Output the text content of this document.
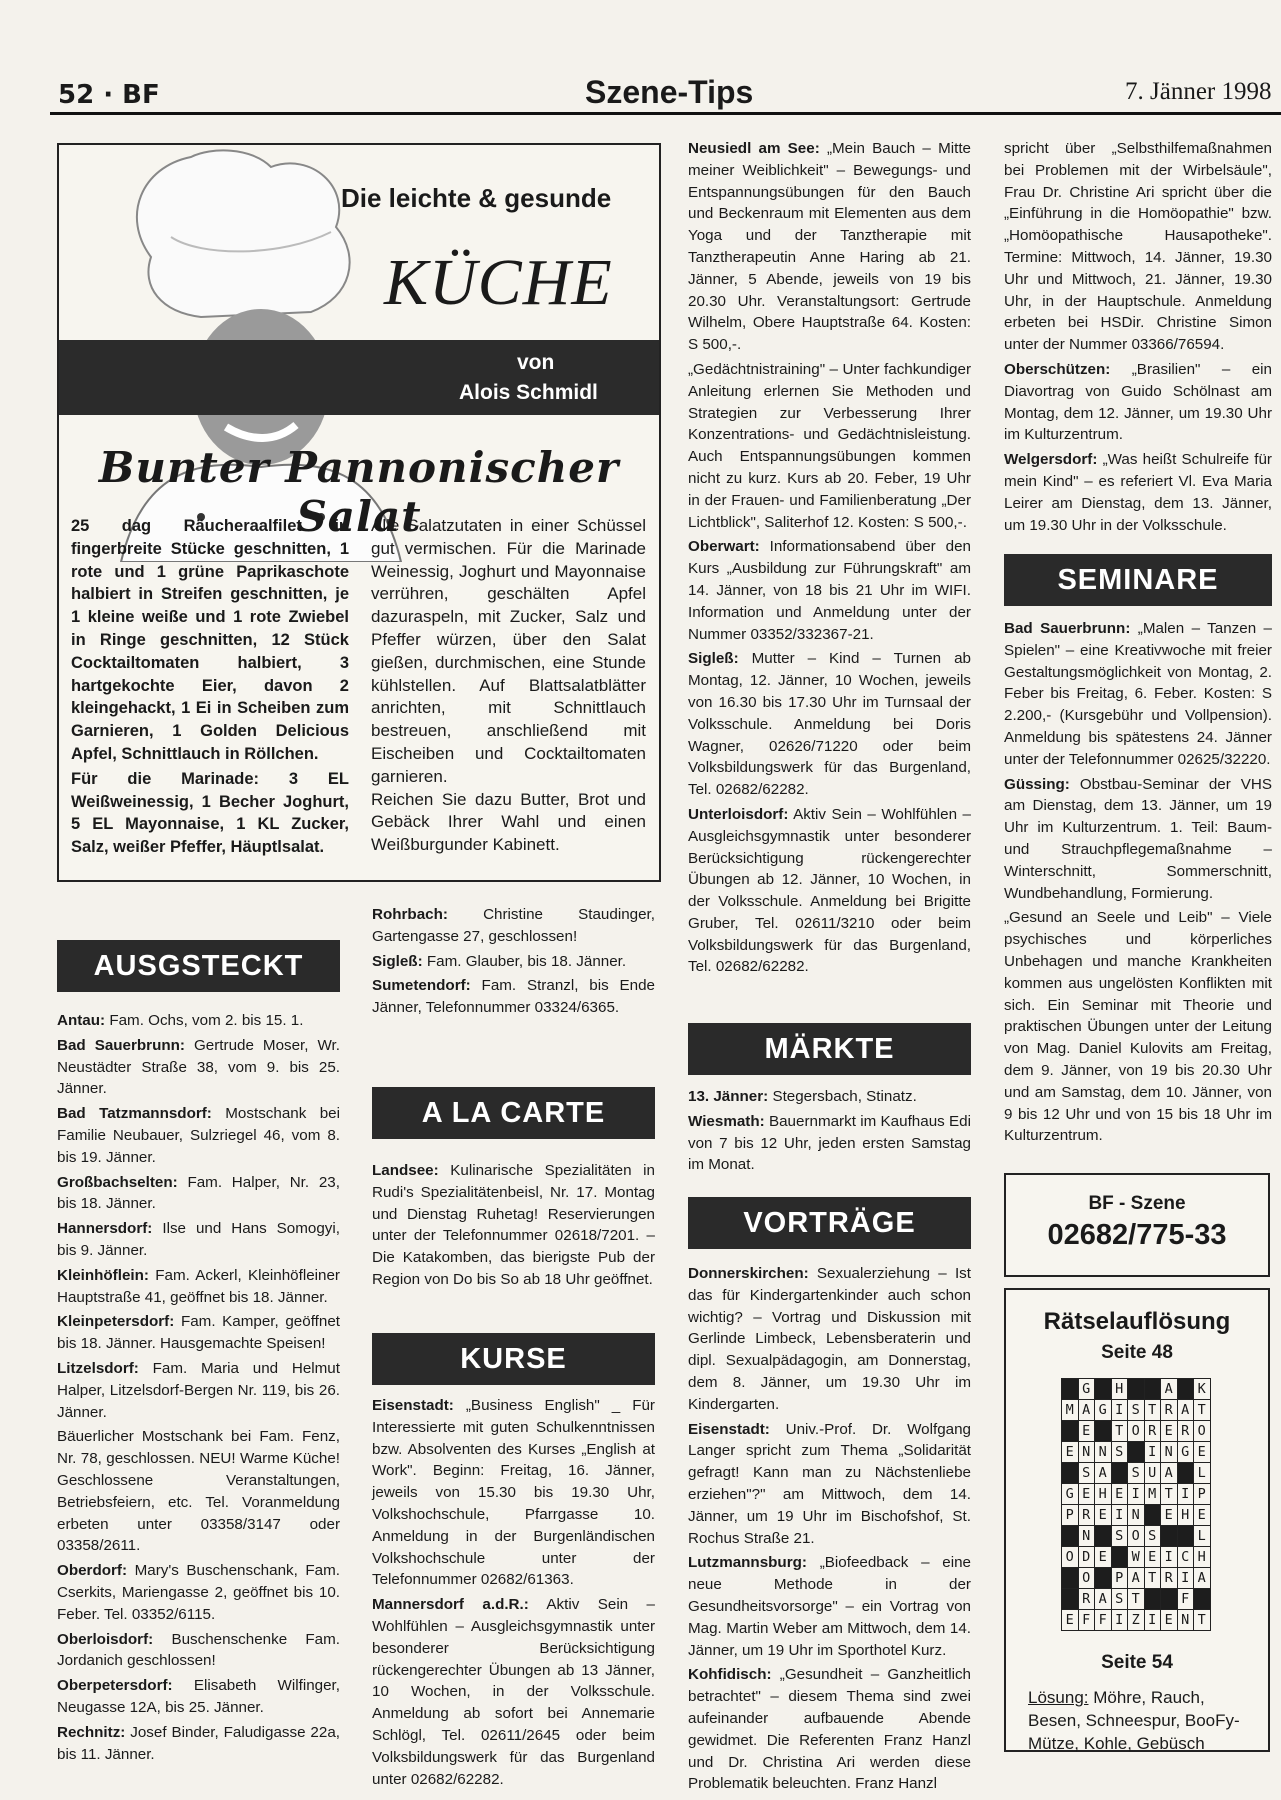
52 · BF	Szene-Tips	7. Jänner 1998
Die leichte & gesunde
KÜCHE
von
Alois Schmidl
Bunter Pannonischer Salat

25 dag Räucheraalfilet in fingerbreite Stücke geschnitten, 1 rote und 1 grüne Paprikaschote halbiert in Streifen geschnitten, je 1 kleine weiße und 1 rote Zwiebel in Ringe geschnitten, 12 Stück Cocktailtomaten halbiert, 3 hartgekochte Eier, davon 2 kleingehackt, 1 Ei in Scheiben zum Garnieren, 1 Golden Delicious Apfel, Schnittlauch in Röllchen.

Für die Marinade: 3 EL Weißweinessig, 1 Becher Joghurt, 5 EL Mayonnaise, 1 KL Zucker, Salz, weißer Pfeffer, Häuptlsalat.

Alle Salatzutaten in einer Schüssel gut vermischen. Für die Marinade Weinessig, Joghurt und Mayonnaise verrühren, geschälten Apfel dazuraspeln, mit Zucker, Salz und Pfeffer würzen, über den Salat gießen, durchmischen, eine Stunde kühlstellen. Auf Blattsalatblätter anrichten, mit Schnittlauch bestreuen, anschließend mit Eischeiben und Cocktailtomaten garnieren.
Reichen Sie dazu Butter, Brot und Gebäck Ihrer Wahl und einen Weißburgunder Kabinett.
AUSGSTECKT

Antau: Fam. Ochs, vom 2. bis 15. 1.

Bad Sauerbrunn: Gertrude Moser, Wr. Neustädter Straße 38, vom 9. bis 25. Jänner.

Bad Tatzmannsdorf: Mostschank bei Familie Neubauer, Sulzriegel 46, vom 8. bis 19. Jänner.

Großbachselten: Fam. Halper, Nr. 23, bis 18. Jänner.

Hannersdorf: Ilse und Hans Somogyi, bis 9. Jänner.

Kleinhöflein: Fam. Ackerl, Kleinhöfleiner Hauptstraße 41, geöffnet bis 18. Jänner.

Kleinpetersdorf: Fam. Kamper, geöffnet bis 18. Jänner. Hausgemachte Speisen!

Litzelsdorf: Fam. Maria und Helmut Halper, Litzelsdorf-Bergen Nr. 119, bis 26. Jänner.

Bäuerlicher Mostschank bei Fam. Fenz, Nr. 78, geschlossen. NEU! Warme Küche! Geschlossene Veranstaltungen, Betriebsfeiern, etc. Tel. Voranmeldung erbeten unter 03358/3147 oder 03358/2611.

Oberdorf: Mary's Buschenschank, Fam. Cserkits, Mariengasse 2, geöffnet bis 10. Feber. Tel. 03352/6115.

Oberloisdorf: Buschenschenke Fam. Jordanich geschlossen!

Oberpetersdorf: Elisabeth Wilfinger, Neugasse 12A, bis 25. Jänner.

Rechnitz: Josef Binder, Faludigasse 22a, bis 11. Jänner.

Rohrbach: Christine Staudinger, Gartengasse 27, geschlossen!

Sigleß: Fam. Glauber, bis 18. Jänner.

Sumetendorf: Fam. Stranzl, bis Ende Jänner, Telefonnummer 03324/6365.

A LA CARTE

Landsee: Kulinarische Spezialitäten in Rudi's Spezialitätenbeisl, Nr. 17. Montag und Dienstag Ruhetag! Reservierungen unter der Telefonnummer 02618/7201. – Die Katakomben, das bierigste Pub der Region von Do bis So ab 18 Uhr geöffnet.

KURSE

Eisenstadt: „Business English" _ Für Interessierte mit guten Schulkenntnissen bzw. Absolventen des Kurses „English at Work". Beginn: Freitag, 16. Jänner, jeweils von 15.30 bis 19.30 Uhr, Volkshochschule, Pfarrgasse 10. Anmeldung in der Burgenländischen Volkshochschule unter der Telefonnummer 02682/61363.

Mannersdorf a.d.R.: Aktiv Sein – Wohlfühlen – Ausgleichsgymnastik unter besonderer Berücksichtigung rückengerechter Übungen ab 13 Jänner, 10 Wochen, in der Volksschule. Anmeldung ab sofort bei Annemarie Schlögl, Tel. 02611/2645 oder beim Volksbildungswerk für das Burgenland unter 02682/62282.

Neusiedl am See: „Mein Bauch – Mitte meiner Weiblichkeit" – Bewegungs- und Entspannungsübungen für den Bauch und Beckenraum mit Elementen aus dem Yoga und der Tanztherapie mit Tanztherapeutin Anne Haring ab 21. Jänner, 5 Abende, jeweils von 19 bis 20.30 Uhr. Veranstaltungsort: Gertrude Wilhelm, Obere Hauptstraße 64. Kosten: S 500,-.

„Gedächtnistraining" – Unter fachkundiger Anleitung erlernen Sie Methoden und Strategien zur Verbesserung Ihrer Konzentrations- und Gedächtnisleistung. Auch Entspannungsübungen kommen nicht zu kurz. Kurs ab 20. Feber, 19 Uhr in der Frauen- und Familienberatung „Der Lichtblick", Saliterhof 12. Kosten: S 500,-.

Oberwart: Informationsabend über den Kurs „Ausbildung zur Führungskraft" am 14. Jänner, von 18 bis 21 Uhr im WIFI. Information und Anmeldung unter der Nummer 03352/332367-21.

Sigleß: Mutter – Kind – Turnen ab Montag, 12. Jänner, 10 Wochen, jeweils von 16.30 bis 17.30 Uhr im Turnsaal der Volksschule. Anmeldung bei Doris Wagner, 02626/71220 oder beim Volksbildungswerk für das Burgenland, Tel. 02682/62282.

Unterloisdorf: Aktiv Sein – Wohlfühlen – Ausgleichsgymnastik unter besonderer Berücksichtigung rückengerechter Übungen ab 12. Jänner, 10 Wochen, in der Volksschule. Anmeldung bei Brigitte Gruber, Tel. 02611/3210 oder beim Volksbildungswerk für das Burgenland, Tel. 02682/62282.

MÄRKTE

13. Jänner: Stegersbach, Stinatz.

Wiesmath: Bauernmarkt im Kaufhaus Edi von 7 bis 12 Uhr, jeden ersten Samstag im Monat.

VORTRÄGE

Donnerskirchen: Sexualerziehung – Ist das für Kindergartenkinder auch schon wichtig? – Vortrag und Diskussion mit Gerlinde Limbeck, Lebensberaterin und dipl. Sexualpädagogin, am Donnerstag, dem 8. Jänner, um 19.30 Uhr im Kindergarten.

Eisenstadt: Univ.-Prof. Dr. Wolfgang Langer spricht zum Thema „Solidarität gefragt! Kann man zu Nächstenliebe erziehen"?" am Mittwoch, dem 14. Jänner, um 19 Uhr im Bischofshof, St. Rochus Straße 21.

Lutzmannsburg: „Biofeedback – eine neue Methode in der Gesundheitsvorsorge" – ein Vortrag von Mag. Martin Weber am Mittwoch, dem 14. Jänner, um 19 Uhr im Sporthotel Kurz.

Kohfidisch: „Gesundheit – Ganzheitlich betrachtet" – diesem Thema sind zwei aufeinander aufbauende Abende gewidmet. Die Referenten Franz Hanzl und Dr. Christina Ari werden diese Problematik beleuchten. Franz Hanzl

spricht über „Selbsthilfemaßnahmen bei Problemen mit der Wirbelsäule", Frau Dr. Christine Ari spricht über die „Einführung in die Homöopathie" bzw. „Homöopathische Hausapotheke". Termine: Mittwoch, 14. Jänner, 19.30 Uhr und Mittwoch, 21. Jänner, 19.30 Uhr, in der Hauptschule. Anmeldung erbeten bei HSDir. Christine Simon unter der Nummer 03366/76594.

Oberschützen: „Brasilien" – ein Diavortrag von Guido Schölnast am Montag, dem 12. Jänner, um 19.30 Uhr im Kulturzentrum.

Welgersdorf: „Was heißt Schulreife für mein Kind" – es referiert Vl. Eva Maria Leirer am Dienstag, dem 13. Jänner, um 19.30 Uhr in der Volksschule.

SEMINARE

Bad Sauerbrunn: „Malen – Tanzen – Spielen" – eine Kreativwoche mit freier Gestaltungsmöglichkeit von Montag, 2. Feber bis Freitag, 6. Feber. Kosten: S 2.200,- (Kursgebühr und Vollpension). Anmeldung bis spätestens 24. Jänner unter der Telefonnummer 02625/32220.

Güssing: Obstbau-Seminar der VHS am Dienstag, dem 13. Jänner, um 19 Uhr im Kulturzentrum. 1. Teil: Baum- und Strauchpflegemaßnahme – Winterschnitt, Sommerschnitt, Wundbehandlung, Formierung.

„Gesund an Seele und Leib" – Viele psychisches und körperliches Unbehagen und manche Krankheiten kommen aus ungelösten Konflikten mit sich. Ein Seminar mit Theorie und praktischen Übungen unter der Leitung von Mag. Daniel Kulovits am Freitag, dem 9. Jänner, von 19 bis 20.30 Uhr und am Samstag, dem 10. Jänner, von 9 bis 12 Uhr und von 15 bis 18 Uhr im Kulturzentrum.

BF - Szene
02682/775-33
Rätselauflösung
Seite 48
	G		H			A		K
M	A	G	I	S	T	R	A	T
	E		T	O	R	E	R	O
E	N	N	S		I	N	G	E
	S	A		S	U	A		L
G	E	H	E	I	M	T	I	P
P	R	E	I	N		E	H	E
	N		S	O	S			L
O	D	E		W	E	I	C	H
	O		P	A	T	R	I	A
	R	A	S	T			F	
E	F	F	I	Z	I	E	N	T
Seite 54
Lösung: Möhre, Rauch, Besen, Schneespur, BooFy-Mütze, Kohle, Gebüsch
